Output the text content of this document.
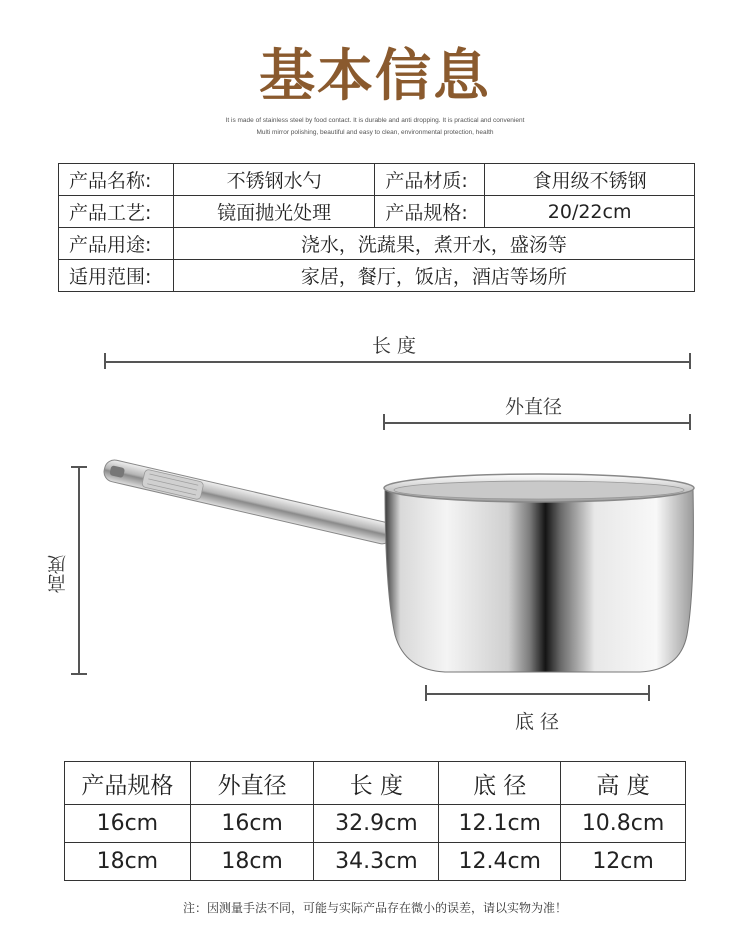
基本信息
It is made of stainless steel by food contact. It is durable and anti dropping. It is practical and convenient
Multi mirror polishing, beautiful and easy to clean, environmental protection, health
产品名称:	不锈钢水勺	产品材质:	食用级不锈钢
产品工艺:	镜面抛光处理	产品规格:	20/22cm
产品用途:	浇水，洗蔬果，煮开水，盛汤等		
适用范围:	家居，餐厅，饭店，酒店等场所		
长 度
外直径
高度
底 径
产品规格	外直径	长 度	底 径	高 度
16cm	16cm	32.9cm	12.1cm	10.8cm
18cm	18cm	34.3cm	12.4cm	12cm
注：因测量手法不同，可能与实际产品存在微小的误差，请以实物为准！
